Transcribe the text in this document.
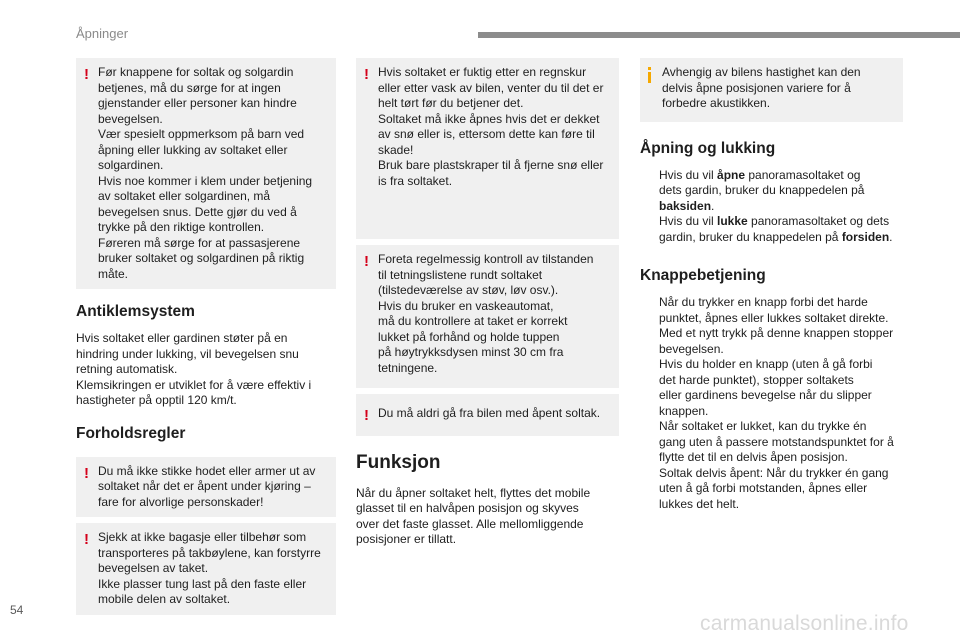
Åpninger
! Før knappene for soltak og solgardin
betjenes, må du sørge for at ingen
gjenstander eller personer kan hindre
bevegelsen.
Vær spesielt oppmerksom på barn ved
åpning eller lukking av soltaket eller
solgardinen.
Hvis noe kommer i klem under betjening
av soltaket eller solgardinen, må
bevegelsen snus. Dette gjør du ved å
trykke på den riktige kontrollen.
Føreren må sørge for at passasjerene
bruker soltaket og solgardinen på riktig
måte.

Antiklemsystem

Hvis soltaket eller gardinen støter på en
hindring under lukking, vil bevegelsen snu
retning automatisk.
Klemsikringen er utviklet for å være effektiv i
hastigheter på opptil 120 km/t.

Forholdsregler
! Du må ikke stikke hodet eller armer ut av
soltaket når det er åpent under kjøring –
fare for alvorlige personskader!

! Sjekk at ikke bagasje eller tilbehør som
transporteres på takbøylene, kan forstyrre
bevegelsen av taket.
Ikke plasser tung last på den faste eller
mobile delen av soltaket.

! Hvis soltaket er fuktig etter en regnskur
eller etter vask av bilen, venter du til det er
helt tørt før du betjener det.
Soltaket må ikke åpnes hvis det er dekket
av snø eller is, ettersom dette kan føre til
skade!
Bruk bare plastskraper til å fjerne snø eller
is fra soltaket.

! Foreta regelmessig kontroll av tilstanden
til tetningslistene rundt soltaket
(tilstedeværelse av støv, løv osv.).
Hvis du bruker en vaskeautomat,
må du kontrollere at taket er korrekt
lukket på forhånd og holde tuppen
på høytrykksdysen minst 30 cm fra
tetningene.

! Du må aldri gå fra bilen med åpent soltak.

Funksjon

Når du åpner soltaket helt, flyttes det mobile
glasset til en halvåpen posisjon og skyves
over det faste glasset. Alle mellomliggende
posisjoner er tillatt.

Avhengig av bilens hastighet kan den
delvis åpne posisjonen variere for å
forbedre akustikken.

Åpning og lukking
Hvis du vil åpne panoramasoltaket og
dets gardin, bruker du knappedelen på
baksiden.
Hvis du vil lukke panoramasoltaket og dets
gardin, bruker du knappedelen på forsiden.
Knappebetjening
Når du trykker en knapp forbi det harde
punktet, åpnes eller lukkes soltaket direkte.
Med et nytt trykk på denne knappen stopper
bevegelsen.
Hvis du holder en knapp (uten å gå forbi
det harde punktet), stopper soltakets
eller gardinens bevegelse når du slipper
knappen.
Når soltaket er lukket, kan du trykke én
gang uten å passere motstandspunktet for å
flytte det til en delvis åpen posisjon.
Soltak delvis åpent: Når du trykker én gang
uten å gå forbi motstanden, åpnes eller
lukkes det helt.
54
carmanualsonline.info
